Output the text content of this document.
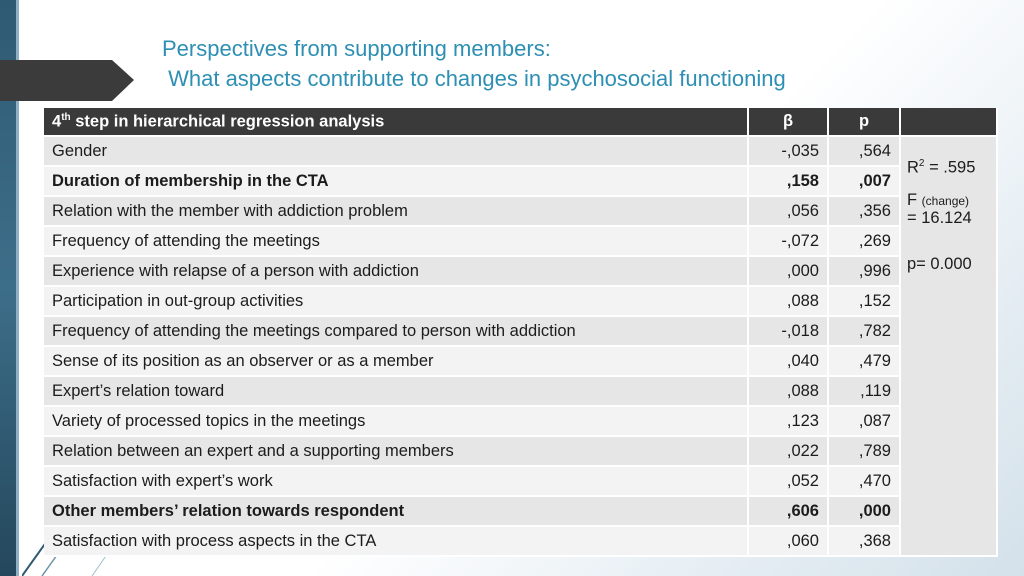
Perspectives from supporting members:
What aspects contribute to changes in psychosocial functioning
4th step in hierarchical regression analysis	β	p	
Gender	-,035	,564	$R^2 = .595$
F (change)
= 16.124
p= 0.000

Duration of membership in the CTA	,158	,007	
Relation with the member with addiction problem	,056	,356	
Frequency of attending the meetings	-,072	,269	
Experience with relapse of a person with addiction	,000	,996	
Participation in out-group activities	,088	,152	
Frequency of attending the meetings compared to person with addiction	-,018	,782	
Sense of its position as an observer or as a member	,040	,479	
Expert’s relation toward	,088	,119	
Variety of processed topics in the meetings	,123	,087	
Relation between an expert and a supporting members	,022	,789	
Satisfaction with expert’s work	,052	,470	
Other members’ relation towards respondent	,606	,000	
Satisfaction with process aspects in the CTA	,060	,368	
